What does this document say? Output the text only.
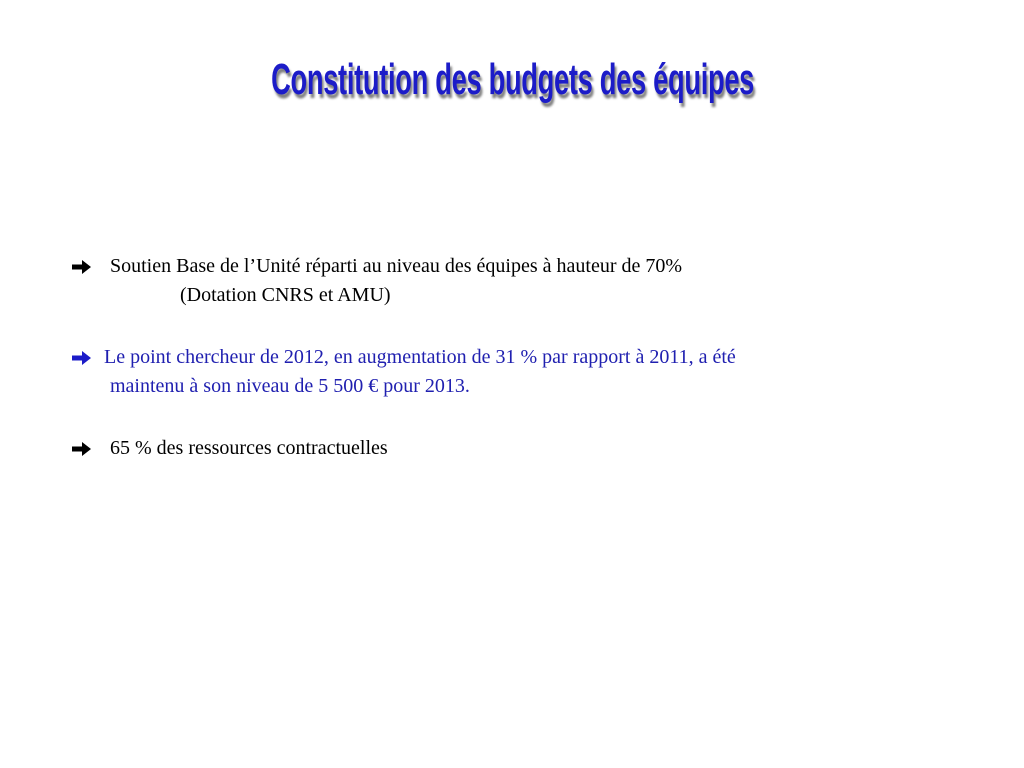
Constitution des budgets des équipes

Soutien Base de l’Unité réparti au niveau des équipes à hauteur de 70%
(Dotation CNRS et AMU)

Le point chercheur de 2012, en augmentation de 31 % par rapport à 2011, a été
maintenu à son niveau de 5 500 € pour 2013.

65 % des ressources contractuelles
